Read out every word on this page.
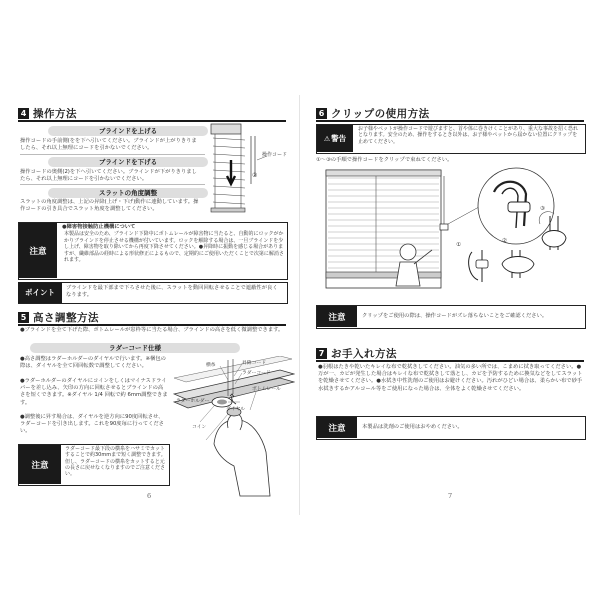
4 操作方法
ブラインドを上げる
操作コードの手前側(をを下へ引いてください。ブラインドが上がりきりましたら、それ以上無理にコードを引かないでください。
ブラインドを下げる
操作コードの奥側(2)を下へ引いてください。ブラインドが下がりきりましたら、それ以上無理にコードを引かないでください。
スラットの角度調整
スラットの角度調整は、上記の昇降(上げ・下げ)動作に連動しています。操作コードの引き具合でスラット角度を調整してください。
操作コード
②
注意
●障害物接触防止機構について
本製品は安全のため、ブラインド下降中にボトムレールが障害物に当たると、自動的にロックがかかりブラインドを停止させる機構が付いています。ロックを解除する場合は、一旦ブラインドを少し上げ、障害物を取り除いてから再度下降させてください。●昇降時に振動を感じる場合がありますが、繊維部品の経時による形状修正によるもので、定期的にご使用いただくことで次第に解消されます。
ポイント	ブラインドを最下部まで下ろさせた後に、スラットを動回回転させることで遮蔽性が良くなります。
5 高さ調整方法
●ブラインドを全て下げた際、ボトムレールが窓枠等に当たる場合、ブラインドの高さを低く微調整できます。
ラダーコード仕様
●高さ調整はラダーホルダーのダイヤルで行います。※梱包の際は、ダイヤルを全て回回転数で調整してください。
●ラダーホルダーのダイヤルにコインをしくはマイナスドライバーを差し込み、矢印の方向に回転させるとブラインドの高さを短くできます。※ダイヤル 1/4 回転で約 6mm調整できます。
●調整後に昇す場合は、ダイヤルを逆方向に90度回転させ、ラダーコードを引き出します。これを90度毎に行ってください。
横糸	昇降コード
ラダーコード
ダイヤル
ボトムレール
ラダーホルダー
コイン
注意
ラダーコード最下段の横糸をハサミでカットすることで約30mmまで短く調整できます。但し、ラダーコードの横糸をカットすると元の長さに戻せなくなりますのでご注意ください。
6
6 クリップの使用方法
⚠ 警告
お子様やペットが操作コードで遊びますと、首や体に巻きけくことがあり、重大な事故を招く恐れとなります。安全のため、操作をするとき以外は、お子様やペットから届かない位置にクリップを止めてください。
①〜③の手順で操作コードをクリップで束ねてください。
①
②
③
注意	クリップをご使用の際は、操作コードがズレ落ちないことをご確認ください。
7 お手入れ方法
●羽根はたきや乾いたキレイな布で乾拭きしてください。油気の多い所では、こまめに拭き取ってください。●万が一、カビが発生した場合はキレイな布で乾拭きして落とし、カビを予防するために換気などをしてスラットを乾燥させてください。●水拭き中性洗剤のご使用はお避けください。汚れがひどい場合は、柔らかい布で砂手水拭きするかアルコール等をご使用になった場合は、全体をよく乾燥させてください。
注意	本製品は洗剤のご使用はおやめください。
7
